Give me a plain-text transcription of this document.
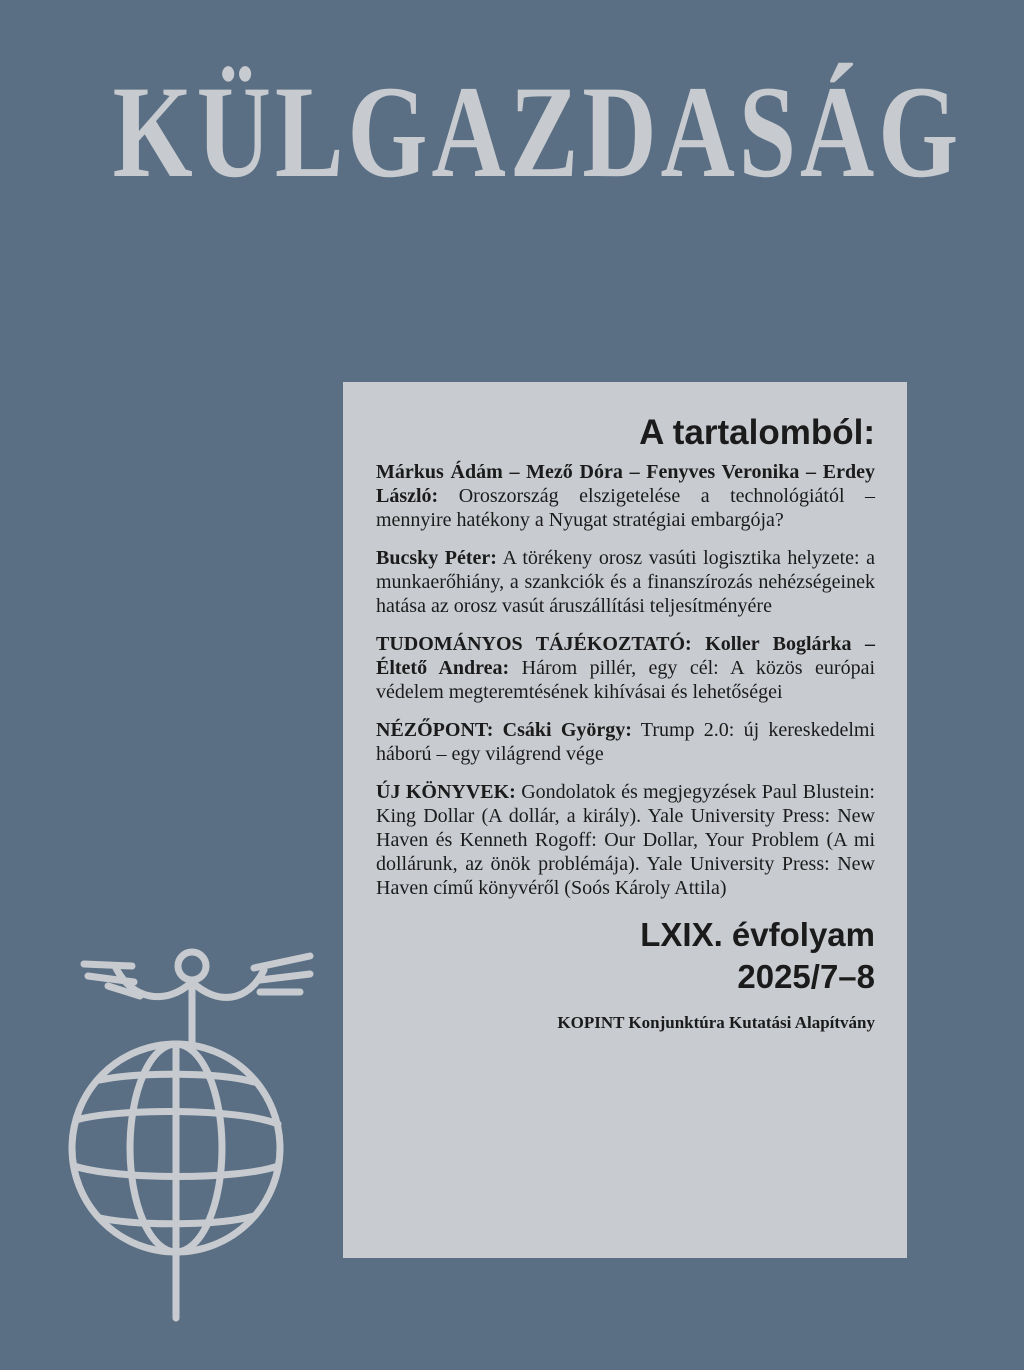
KÜLGAZDASÁG
A tartalomból:

Márkus Ádám – Mező Dóra – Fenyves Veronika – Erdey László: Oroszország elszigetelése a technológiától – mennyire hatékony a Nyugat stratégiai embargója?

Bucsky Péter: A törékeny orosz vasúti logisztika helyzete: a munkaerőhiány, a szankciók és a finanszírozás nehézségeinek hatása az orosz vasút áruszállítási teljesítményére

TUDOMÁNYOS TÁJÉKOZTATÓ: Koller Boglárka – Éltető Andrea: Három pillér, egy cél: A közös európai védelem megteremtésének kihívásai és lehetőségei

NÉZŐPONT: Csáki György: Trump 2.0: új kereskedelmi háború – egy világrend vége

ÚJ KÖNYVEK: Gondolatok és megjegyzések Paul Blustein: King Dollar (A dollár, a király). Yale University Press: New Haven és Kenneth Rogoff: Our Dollar, Your Problem (A mi dollárunk, az önök problémája). Yale University Press: New Haven című könyvéről (Soós Károly Attila)

LXIX. évfolyam
2025/7–8
KOPINT Konjunktúra Kutatási Alapítvány
